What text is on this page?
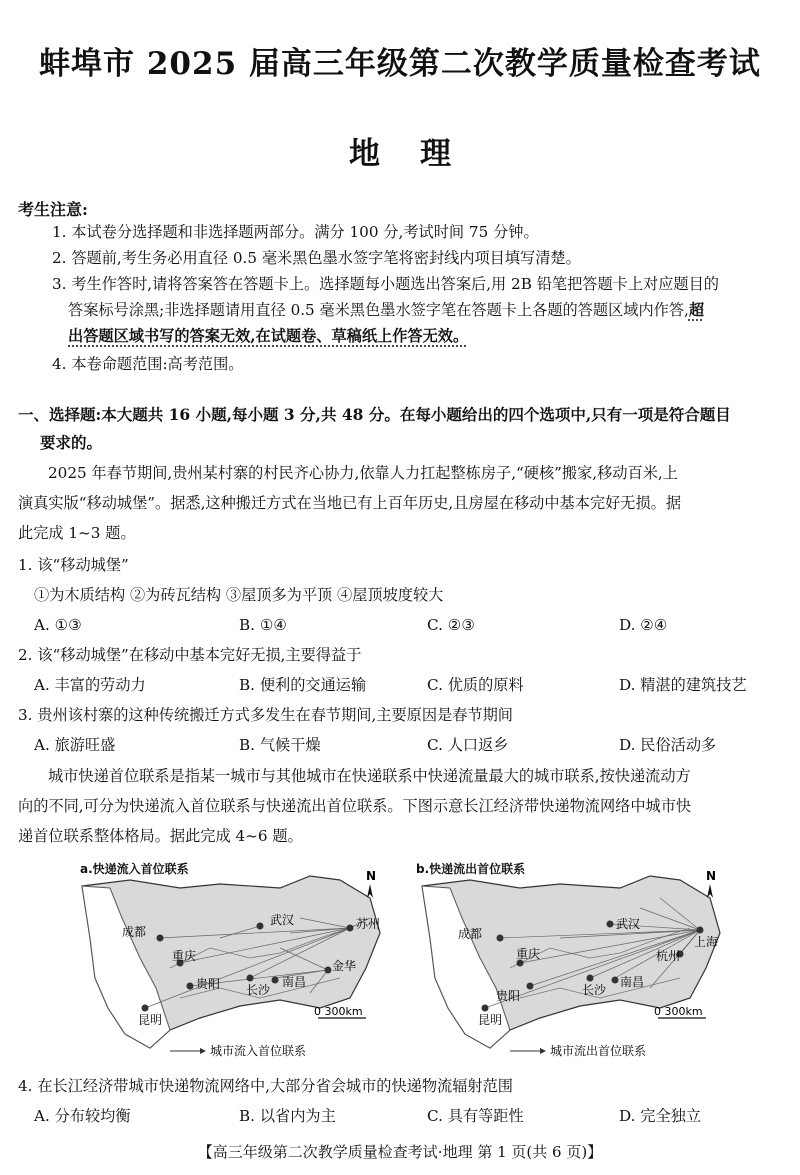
蚌埠市 2025 届高三年级第二次教学质量检查考试
地理
考生注意:
1. 本试卷分选择题和非选择题两部分。满分 100 分,考试时间 75 分钟。
2. 答题前,考生务必用直径 0.5 毫米黑色墨水签字笔将密封线内项目填写清楚。
3. 考生作答时,请将答案答在答题卡上。选择题每小题选出答案后,用 2B 铅笔把答题卡上对应题目的
答案标号涂黑;非选择题请用直径 0.5 毫米黑色墨水签字笔在答题卡上各题的答题区域内作答,超
出答题区域书写的答案无效,在试题卷、草稿纸上作答无效。
4. 本卷命题范围:高考范围。
一、选择题:本大题共 16 小题,每小题 3 分,共 48 分。在每小题给出的四个选项中,只有一项是符合题目
要求的。
2025 年春节期间,贵州某村寨的村民齐心协力,依靠人力扛起整栋房子,“硬核”搬家,移动百米,上
演真实版“移动城堡”。据悉,这种搬迁方式在当地已有上百年历史,且房屋在移动中基本完好无损。据
此完成 1~3 题。
1. 该“移动城堡”
①为木质结构 ②为砖瓦结构 ③屋顶多为平顶 ④屋顶坡度较大
A. ①③	B. ①④	C. ②③	D. ②④
2. 该“移动城堡”在移动中基本完好无损,主要得益于
A. 丰富的劳动力	B. 便利的交通运输	C. 优质的原料	D. 精湛的建筑技艺
3. 贵州该村寨的这种传统搬迁方式多发生在春节期间,主要原因是春节期间
A. 旅游旺盛	B. 气候干燥	C. 人口返乡	D. 民俗活动多
城市快递首位联系是指某一城市与其他城市在快递联系中快递流量最大的城市联系,按快递流动方
向的不同,可分为快递流入首位联系与快递流出首位联系。下图示意长江经济带快递物流网络中城市快
递首位联系整体格局。据此完成 4~6 题。
a.快递流入首位联系
成都
重庆
武汉	苏州
长沙
南昌
金华
贵阳
昆明
N
0 300km
城市流入首位联系
b.快递流出首位联系
成都
重庆
武汉
上海
长沙
南昌
杭州
贵阳
昆明
N
0 300km
城市流出首位联系
4. 在长江经济带城市快递物流网络中,大部分省会城市的快递物流辐射范围
A. 分布较均衡	B. 以省内为主	C. 具有等距性	D. 完全独立
【高三年级第二次教学质量检查考试·地理 第 1 页(共 6 页)】
